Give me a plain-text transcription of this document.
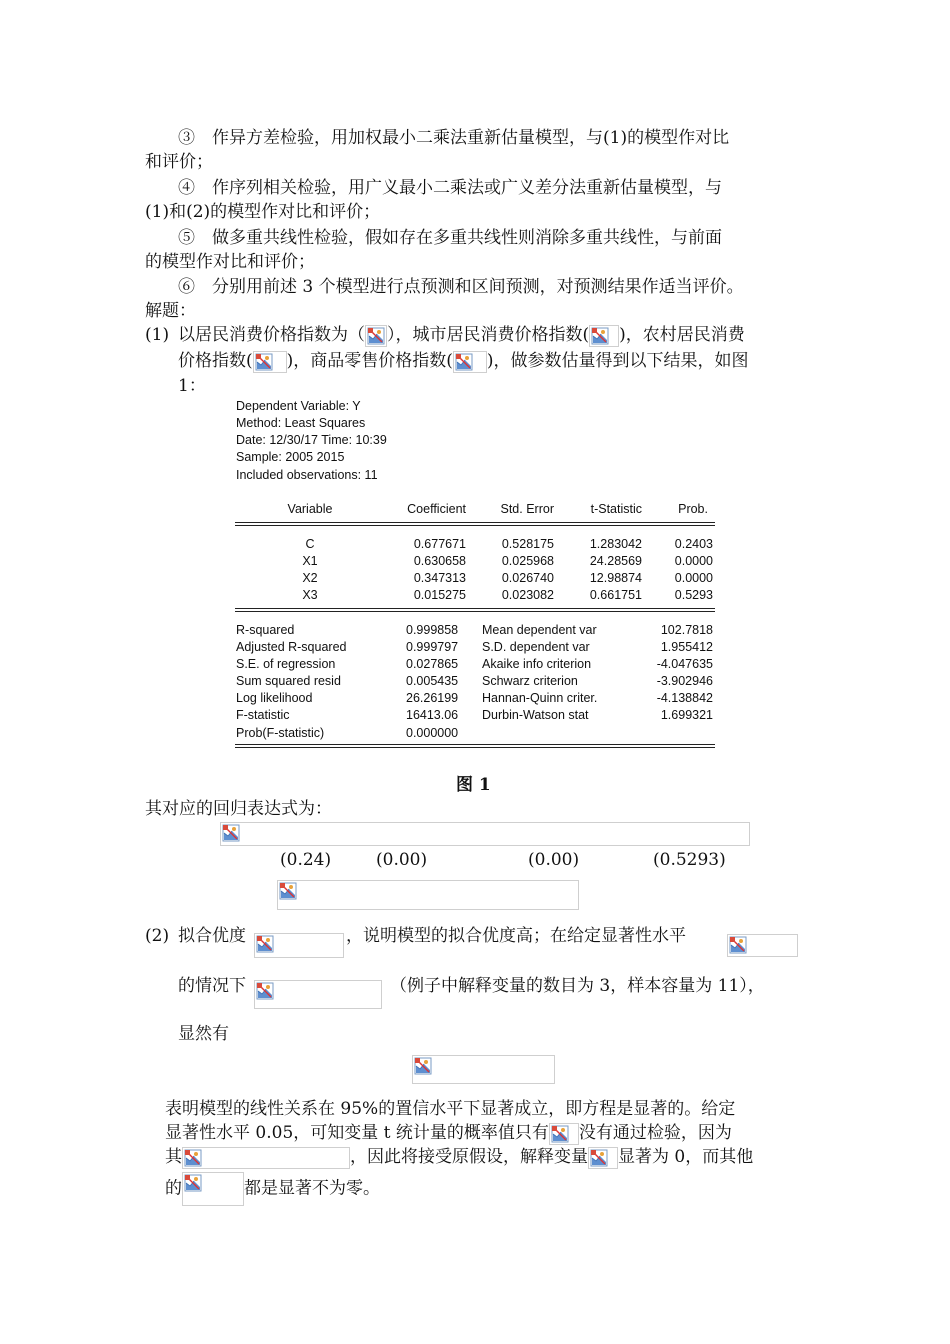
③　作异方差检验，用加权最小二乘法重新估量模型，与(1)的模型作对比
和评价；
④　作序列相关检验，用广义最小二乘法或广义差分法重新估量模型，与
(1)和(2)的模型作对比和评价；
⑤　做多重共线性检验，假如存在多重共线性则消除多重共线性，与前面
的模型作对比和评价；
⑥　分别用前述 3 个模型进行点预测和区间预测，对预测结果作适当评价。
解题：
(1) 以居民消费价格指数为（ ），城市居民消费价格指数( )，农村居民消费
价格指数( )，商品零售价格指数( )，做参数估量得到以下结果，如图
1：
Dependent Variable: Y
Method: Least Squares
Date: 12/30/17 Time: 10:39
Sample: 2005 2015
Included observations: 11
Variable	Coefficient	Std. Error	t-Statistic	Prob.
C	0.677671	0.528175	1.283042	0.2403
X1	0.630658	0.025968	24.28569	0.0000
X2	0.347313	0.026740	12.98874	0.0000
X3	0.015275	0.023082	0.661751	0.5293
R-squared	0.999858 Mean dependent var	102.7818
Adjusted R-squared	0.999797 S.D. dependent var	1.955412
S.E. of regression	0.027865 Akaike info criterion	-4.047635
Sum squared resid	0.005435 Schwarz criterion	-3.902946
Log likelihood	26.26199 Hannan-Quinn criter.	-4.138842
F-statistic	16413.06 Durbin-Watson stat	1.699321
Prob(F-statistic)	0.000000
图 1
其对应的回归表达式为：
(0.24)	(0.00)	(0.00)	(0.5293)
(2) 拟合优度	，说明模型的拟合优度高；在给定显著性水平
的情况下	（例子中解释变量的数目为 3，样本容量为 11），
显然有
表明模型的线性关系在 95%的置信水平下显著成立，即方程是显著的。给定
显著性水平 0.05，可知变量 t 统计量的概率值只有 没有通过检验，因为
其	，因此将接受原假设，解释变量 显著为 0，而其他
的	都是显著不为零。
